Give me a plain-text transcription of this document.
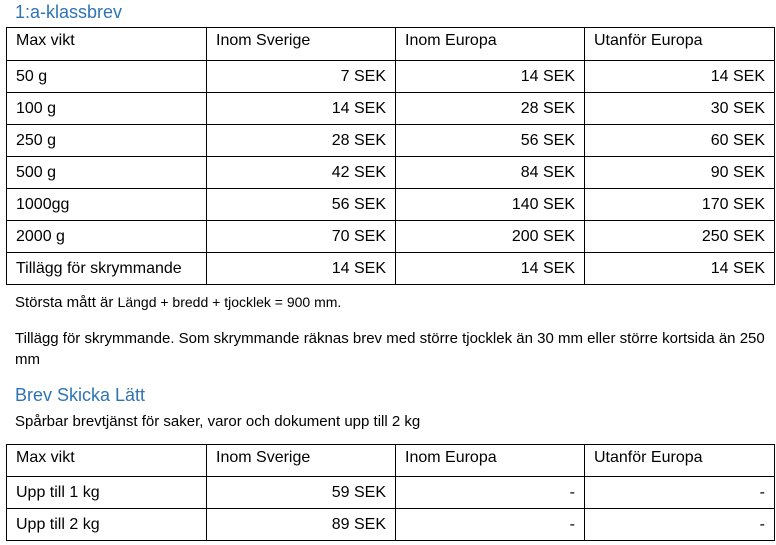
1:a-klassbrev
Max vikt	Inom Sverige	Inom Europa	Utanför Europa
50 g	7 SEK	14 SEK	14 SEK
100 g	14 SEK	28 SEK	30 SEK
250 g	28 SEK	56 SEK	60 SEK
500 g	42 SEK	84 SEK	90 SEK
1000gg	56 SEK	140 SEK	170 SEK
2000 g	70 SEK	200 SEK	250 SEK
Tillägg för skrymmande	14 SEK	14 SEK	14 SEK
Största mått är Längd + bredd + tjocklek = 900 mm.
Tillägg för skrymmande. Som skrymmande räknas brev med större tjocklek än 30 mm eller större kortsida än 250 mm
Brev Skicka Lätt
Spårbar brevtjänst för saker, varor och dokument upp till 2 kg
Max vikt	Inom Sverige	Inom Europa	Utanför Europa
Upp till 1 kg	59 SEK	-	-
Upp till 2 kg	89 SEK	-	-
